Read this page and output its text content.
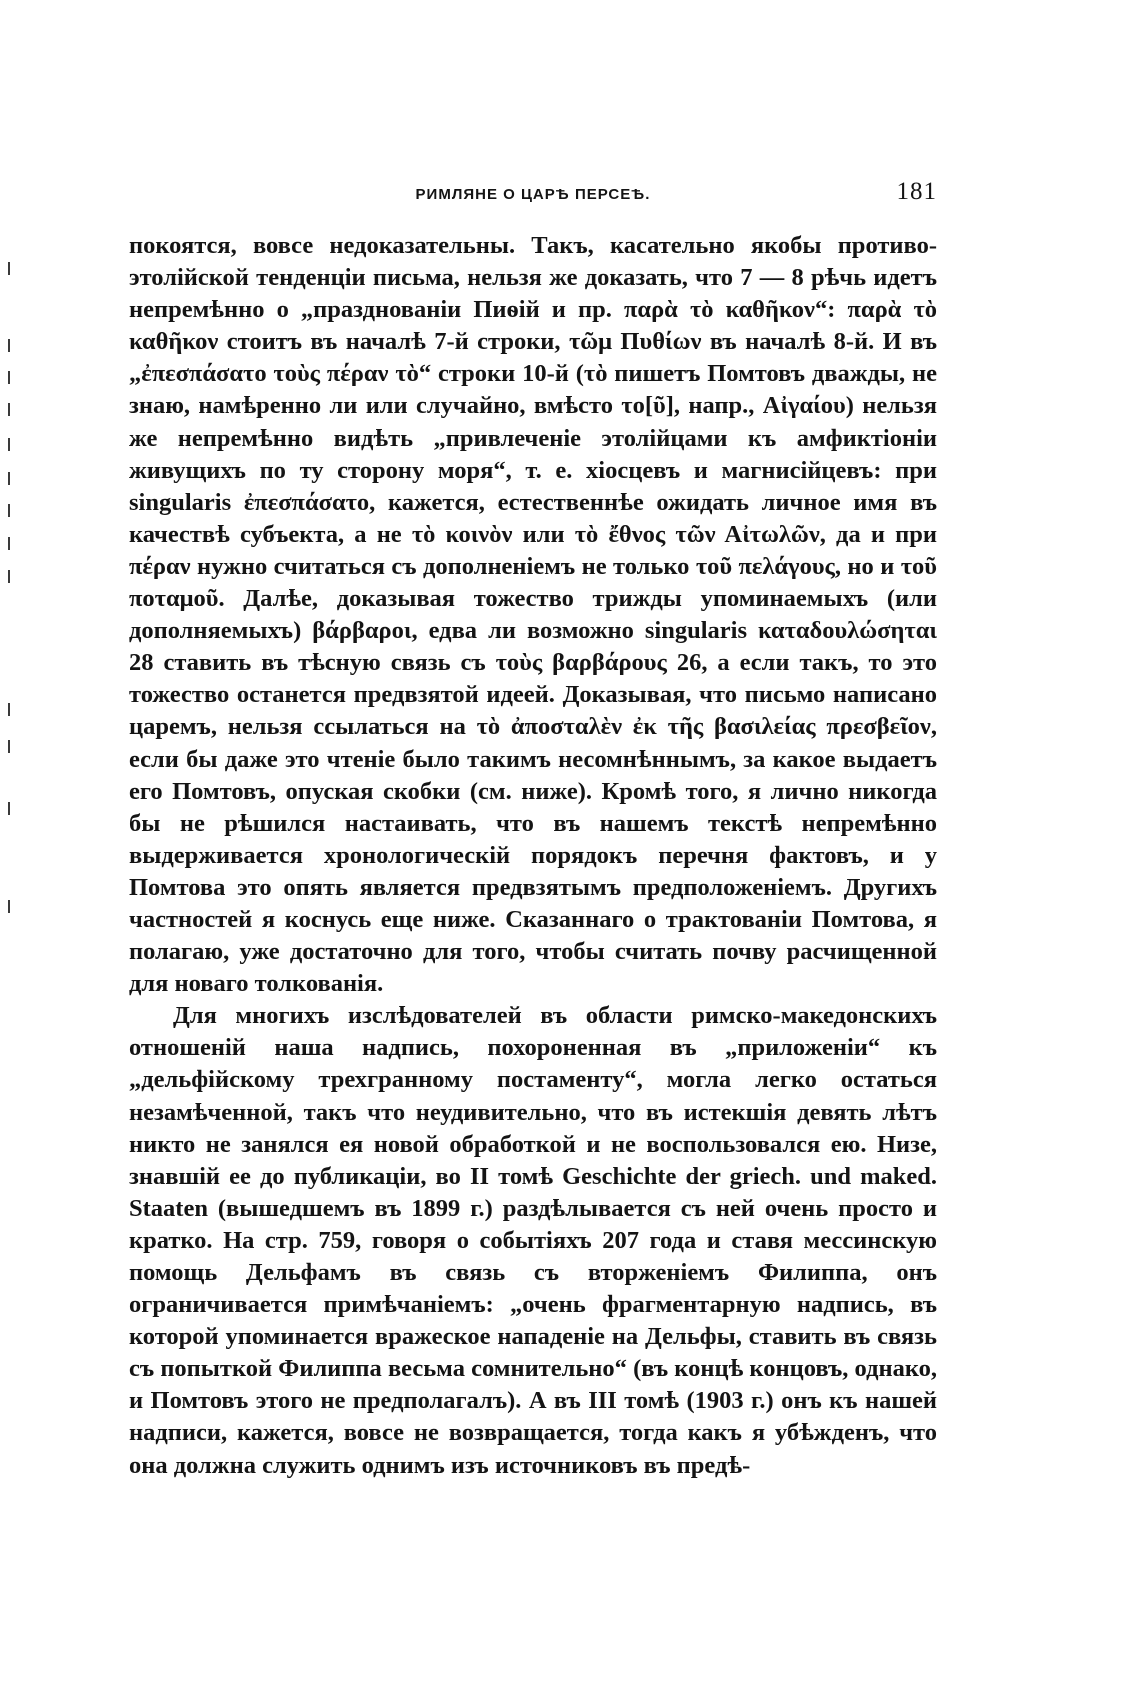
РИМЛЯНЕ О ЦАРѢ ПЕРСЕѢ.	181

покоятся, вовсе недоказательны. Такъ, касательно якобы противо-этолійской тенденціи письма, нельзя же доказать, что 7 — 8 рѣчь идетъ непремѣнно о „празднованіи Пиѳій и пр. παρὰ τὸ καθῆκον“: παρὰ τὸ καθῆκον стоитъ въ началѣ 7-й строки, τῶμ Πυθίων въ началѣ 8-й. И въ „ἐπεσπάσατο τοὺς πέραν τὸ“ строки 10-й (τὸ пишетъ Помтовъ дважды, не знаю, намѣренно ли или случайно, вмѣсто το[ῦ], напр., Αἰγαίου) нельзя же непремѣнно видѣть „привлеченіе этолійцами къ амфиктіоніи живущихъ по ту сторону моря“, т. е. хіосцевъ и магнисійцевъ: при singularis ἐπεσπάσατο, кажется, естественнѣе ожидать личное имя въ качествѣ субъекта, а не τὸ κοινὸν или τὸ ἔθνος τῶν Αἰτωλῶν, да и при πέραν нужно считаться съ дополненіемъ не только τοῦ πελάγους, но и τοῦ ποταμοῦ. Далѣе, доказывая тожество трижды упоминаемыхъ (или дополняемыхъ) βάρβαροι, едва ли возможно singularis καταδουλώσηται 28 ставить въ тѣсную связь съ τοὺς βαρβάρους 26, а если такъ, то это тожество останется предвзятой идеей. Доказывая, что письмо написано царемъ, нельзя ссылаться на τὸ ἀποσταλὲν ἐκ τῆς βασιλείας πρεσβεῖον, если бы даже это чтеніе было такимъ несомнѣннымъ, за какое выдаетъ его Помтовъ, опуская скобки (см. ниже). Кромѣ того, я лично никогда бы не рѣшился настаивать, что въ нашемъ текстѣ непремѣнно выдерживается хронологическій порядокъ перечня фактовъ, и у Помтова это опять является предвзятымъ предположеніемъ. Другихъ частностей я коснусь еще ниже. Сказаннаго о трактованіи Помтова, я полагаю, уже достаточно для того, чтобы считать почву расчищенной для новаго толкованія.

Для многихъ изслѣдователей въ области римско-македонскихъ отношеній наша надпись, похороненная въ „приложеніи“ къ „дельфійскому трехгранному постаменту“, могла легко остаться незамѣченной, такъ что неудивительно, что въ истекшія девять лѣтъ никто не занялся ея новой обработкой и не воспользовался ею. Низе, знавшій ее до публикаціи, во II томѣ Geschichte der griech. und maked. Staaten (вышедшемъ въ 1899 г.) раздѣлывается съ ней очень просто и кратко. На стр. 759, говоря о событіяхъ 207 года и ставя мессинскую помощь Дельфамъ въ связь съ вторженіемъ Филиппа, онъ ограничивается примѣчаніемъ: „очень фрагментарную надпись, въ которой упоминается вражеское нападеніе на Дельфы, ставить въ связь съ попыткой Филиппа весьма сомнительно“ (въ концѣ концовъ, однако, и Помтовъ этого не предполагалъ). А въ III томѣ (1903 г.) онъ къ нашей надписи, кажется, вовсе не возвращается, тогда какъ я убѣжденъ, что она должна служить однимъ изъ источниковъ въ предѣ-
